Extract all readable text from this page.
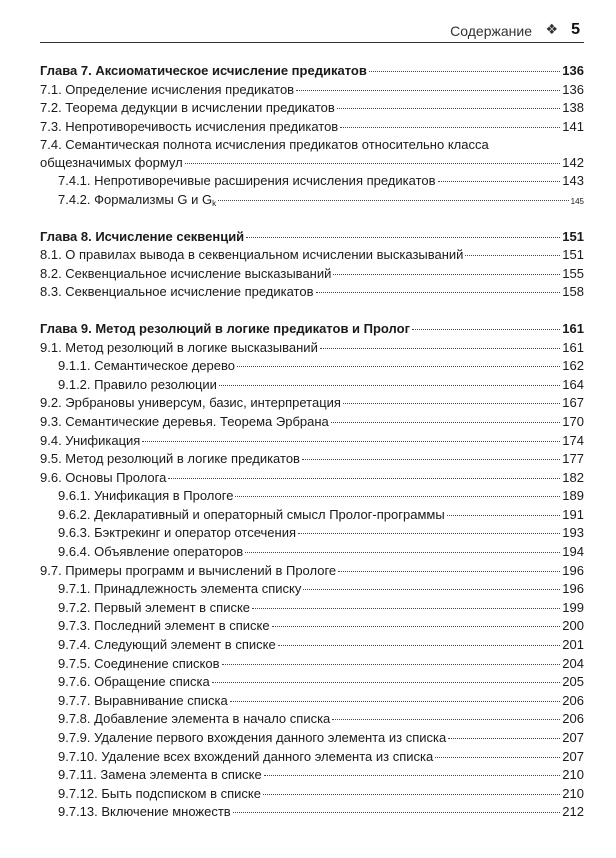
Содержание ❖ 5
Глава 7. Аксиоматическое исчисление предикатов	136
7.1. Определение исчисления предикатов	136
7.2. Теорема дедукции в исчислении предикатов	138
7.3. Непротиворечивость исчисления предикатов	141
7.4. Семантическая полнота исчисления предикатов относительно класса
общезначимых формул	142
7.4.1. Непротиворечивые расширения исчисления предикатов	143
7.4.2. Формализмы G и $G_k$	145
Глава 8. Исчисление секвенций	151
8.1. О правилах вывода в секвенциальном исчислении высказываний	151
8.2. Секвенциальное исчисление высказываний	155
8.3. Секвенциальное исчисление предикатов	158
Глава 9. Метод резолюций в логике предикатов и Пролог	161
9.1. Метод резолюций в логике высказываний	161
9.1.1. Семантическое дерево	162
9.1.2. Правило резолюции	164
9.2. Эрбрановы универсум, базис, интерпретация	167
9.3. Семантические деревья. Теорема Эрбрана	170
9.4. Унификация	174
9.5. Метод резолюций в логике предикатов	177
9.6. Основы Пролога	182
9.6.1. Унификация в Прологе	189
9.6.2. Декларативный и операторный смысл Пролог-программы	191
9.6.3. Бэктрекинг и оператор отсечения	193
9.6.4. Объявление операторов	194
9.7. Примеры программ и вычислений в Прологе	196
9.7.1. Принадлежность элемента списку	196
9.7.2. Первый элемент в списке	199
9.7.3. Последний элемент в списке	200
9.7.4. Следующий элемент в списке	201
9.7.5. Соединение списков	204
9.7.6. Обращение списка	205
9.7.7. Выравнивание списка	206
9.7.8. Добавление элемента в начало списка	206
9.7.9. Удаление первого вхождения данного элемента из списка	207
9.7.10. Удаление всех вхождений данного элемента из списка	207
9.7.11. Замена элемента в списке	210
9.7.12. Быть подсписком в списке	210
9.7.13. Включение множеств	212
